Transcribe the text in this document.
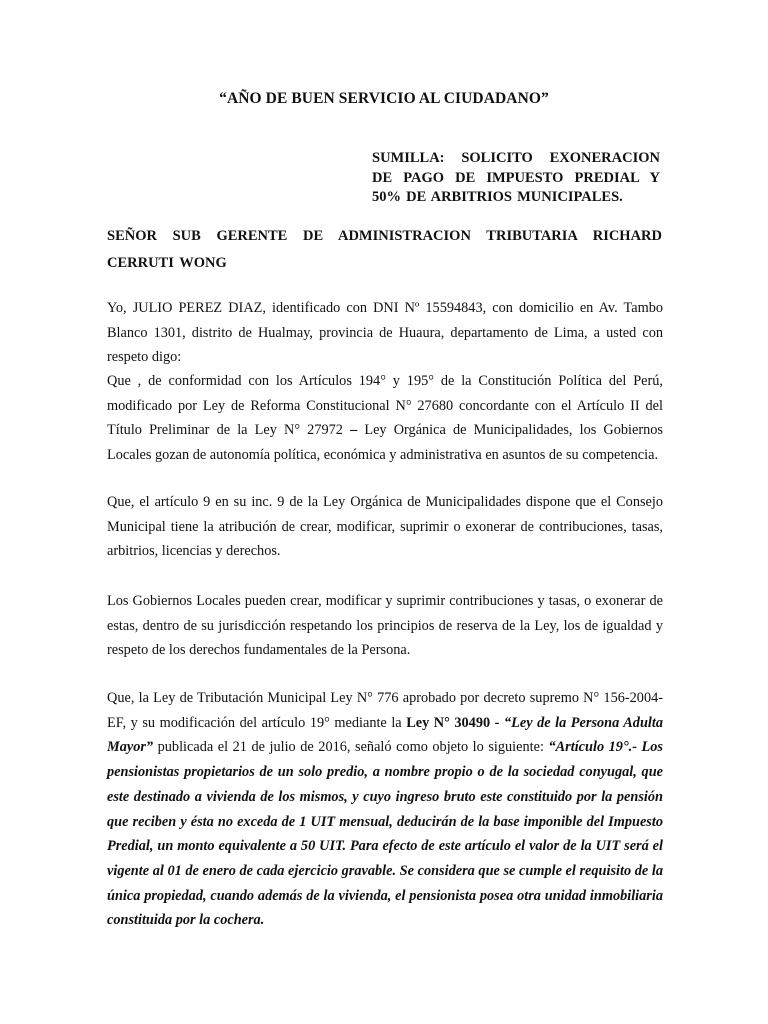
“AÑO DE BUEN SERVICIO AL CIUDADANO”
SUMILLA: SOLICITO EXONERACION DE PAGO DE IMPUESTO PREDIAL Y 50% DE ARBITRIOS MUNICIPALES.
SEÑOR SUB GERENTE DE ADMINISTRACION TRIBUTARIA RICHARD CERRUTI WONG

Yo, JULIO PEREZ DIAZ, identificado con DNI Nº 15594843, con domicilio en Av. Tambo Blanco 1301, distrito de Hualmay, provincia de Huaura, departamento de Lima, a usted con respeto digo:

Que , de conformidad con los Artículos 194° y 195° de la Constitución Política del Perú, modificado por Ley de Reforma Constitucional N° 27680 concordante con el Artículo II del Título Preliminar de la Ley N° 27972 – Ley Orgánica de Municipalidades, los Gobiernos Locales gozan de autonomía política, económica y administrativa en asuntos de su competencia.

Que, el artículo 9 en su inc. 9 de la Ley Orgánica de Municipalidades dispone que el Consejo Municipal tiene la atribución de crear, modificar, suprimir o exonerar de contribuciones, tasas, arbitrios, licencias y derechos.

Los Gobiernos Locales pueden crear, modificar y suprimir contribuciones y tasas, o exonerar de estas, dentro de su jurisdicción respetando los principios de reserva de la Ley, los de igualdad y respeto de los derechos fundamentales de la Persona.

Que, la Ley de Tributación Municipal Ley N° 776 aprobado por decreto supremo N° 156-2004-EF, y su modificación del artículo 19° mediante la Ley N° 30490 - “Ley de la Persona Adulta Mayor” publicada el 21 de julio de 2016, señaló como objeto lo siguiente: “Artículo 19°.- Los pensionistas propietarios de un solo predio, a nombre propio o de la sociedad conyugal, que este destinado a vivienda de los mismos, y cuyo ingreso bruto este constituido por la pensión que reciben y ésta no exceda de 1 UIT mensual, deducirán de la base imponible del Impuesto Predial, un monto equivalente a 50 UIT. Para efecto de este artículo el valor de la UIT será el vigente al 01 de enero de cada ejercicio gravable. Se considera que se cumple el requisito de la única propiedad, cuando además de la vivienda, el pensionista posea otra unidad inmobiliaria constituida por la cochera.
